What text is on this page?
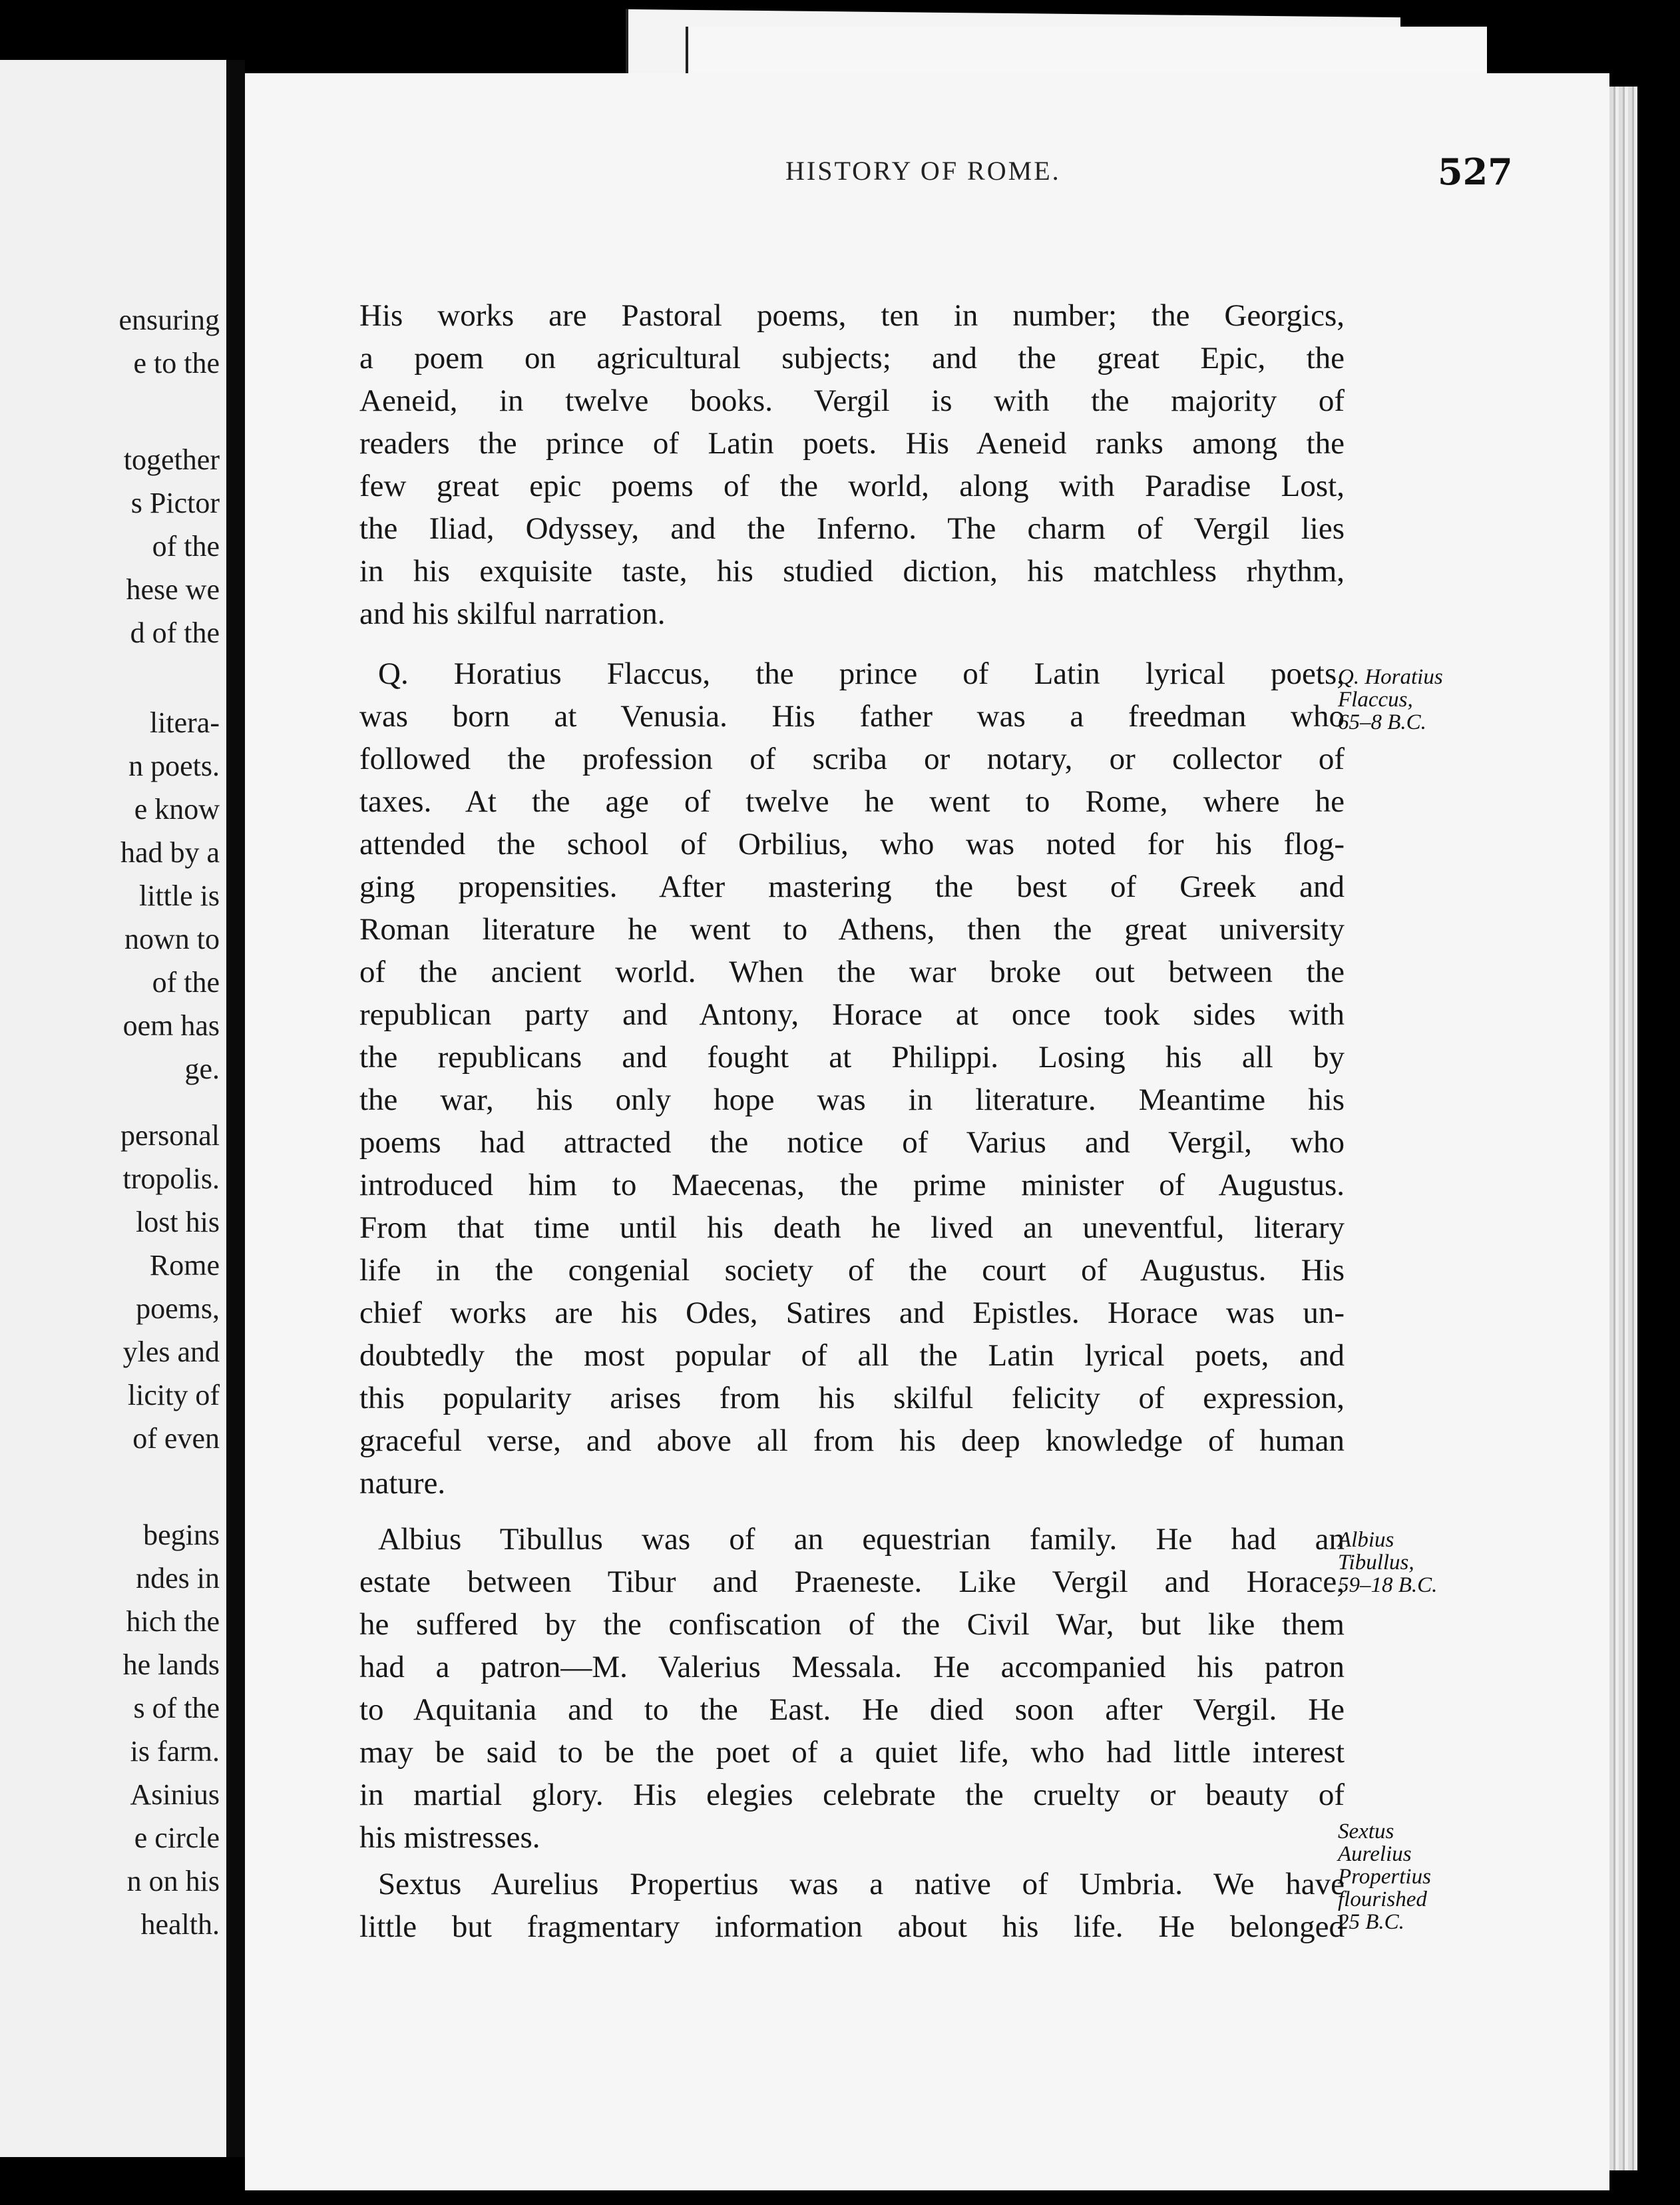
ensuring
e to the
together
s Pictor
of the
hese we
d of the
litera-
n poets.
e know
had by a
little is
nown to
of the
oem has
ge.
personal
tropolis.
lost his
Rome
poems,
yles and
licity of
of even
begins
ndes in
hich the
he lands
s of the
is farm.
Asinius
e circle
n on his
health.
HISTORY OF ROME.	527
His works are Pastoral poems, ten in number; the Georgics,
a poem on agricultural subjects; and the great Epic, the
Aeneid, in twelve books. Vergil is with the majority of
readers the prince of Latin poets. His Aeneid ranks among the
few great epic poems of the world, along with Paradise Lost,
the Iliad, Odyssey, and the Inferno. The charm of Vergil lies
in his exquisite taste, his studied diction, his matchless rhythm,
and his skilful narration.
Q. Horatius Flaccus, the prince of Latin lyrical poets,
was born at Venusia. His father was a freedman who
followed the profession of scriba or notary, or collector of
taxes. At the age of twelve he went to Rome, where he
attended the school of Orbilius, who was noted for his flog-
ging propensities. After mastering the best of Greek and
Roman literature he went to Athens, then the great university
of the ancient world. When the war broke out between the
republican party and Antony, Horace at once took sides with
the republicans and fought at Philippi. Losing his all by
the war, his only hope was in literature. Meantime his
poems had attracted the notice of Varius and Vergil, who
introduced him to Maecenas, the prime minister of Augustus.
From that time until his death he lived an uneventful, literary
life in the congenial society of the court of Augustus. His
chief works are his Odes, Satires and Epistles. Horace was un-
doubtedly the most popular of all the Latin lyrical poets, and
this popularity arises from his skilful felicity of expression,
graceful verse, and above all from his deep knowledge of human
nature.
Albius Tibullus was of an equestrian family. He had an
estate between Tibur and Praeneste. Like Vergil and Horace,
he suffered by the confiscation of the Civil War, but like them
had a patron—M. Valerius Messala. He accompanied his patron
to Aquitania and to the East. He died soon after Vergil. He
may be said to be the poet of a quiet life, who had little interest
in martial glory. His elegies celebrate the cruelty or beauty of
his mistresses.
Sextus Aurelius Propertius was a native of Umbria. We have
little but fragmentary information about his life. He belonged
Q. Horatius
Flaccus,
65–8 B.C.
Albius
Tibullus,
59–18 B.C.
Sextus
Aurelius
Propertius
flourished
25 B.C.
